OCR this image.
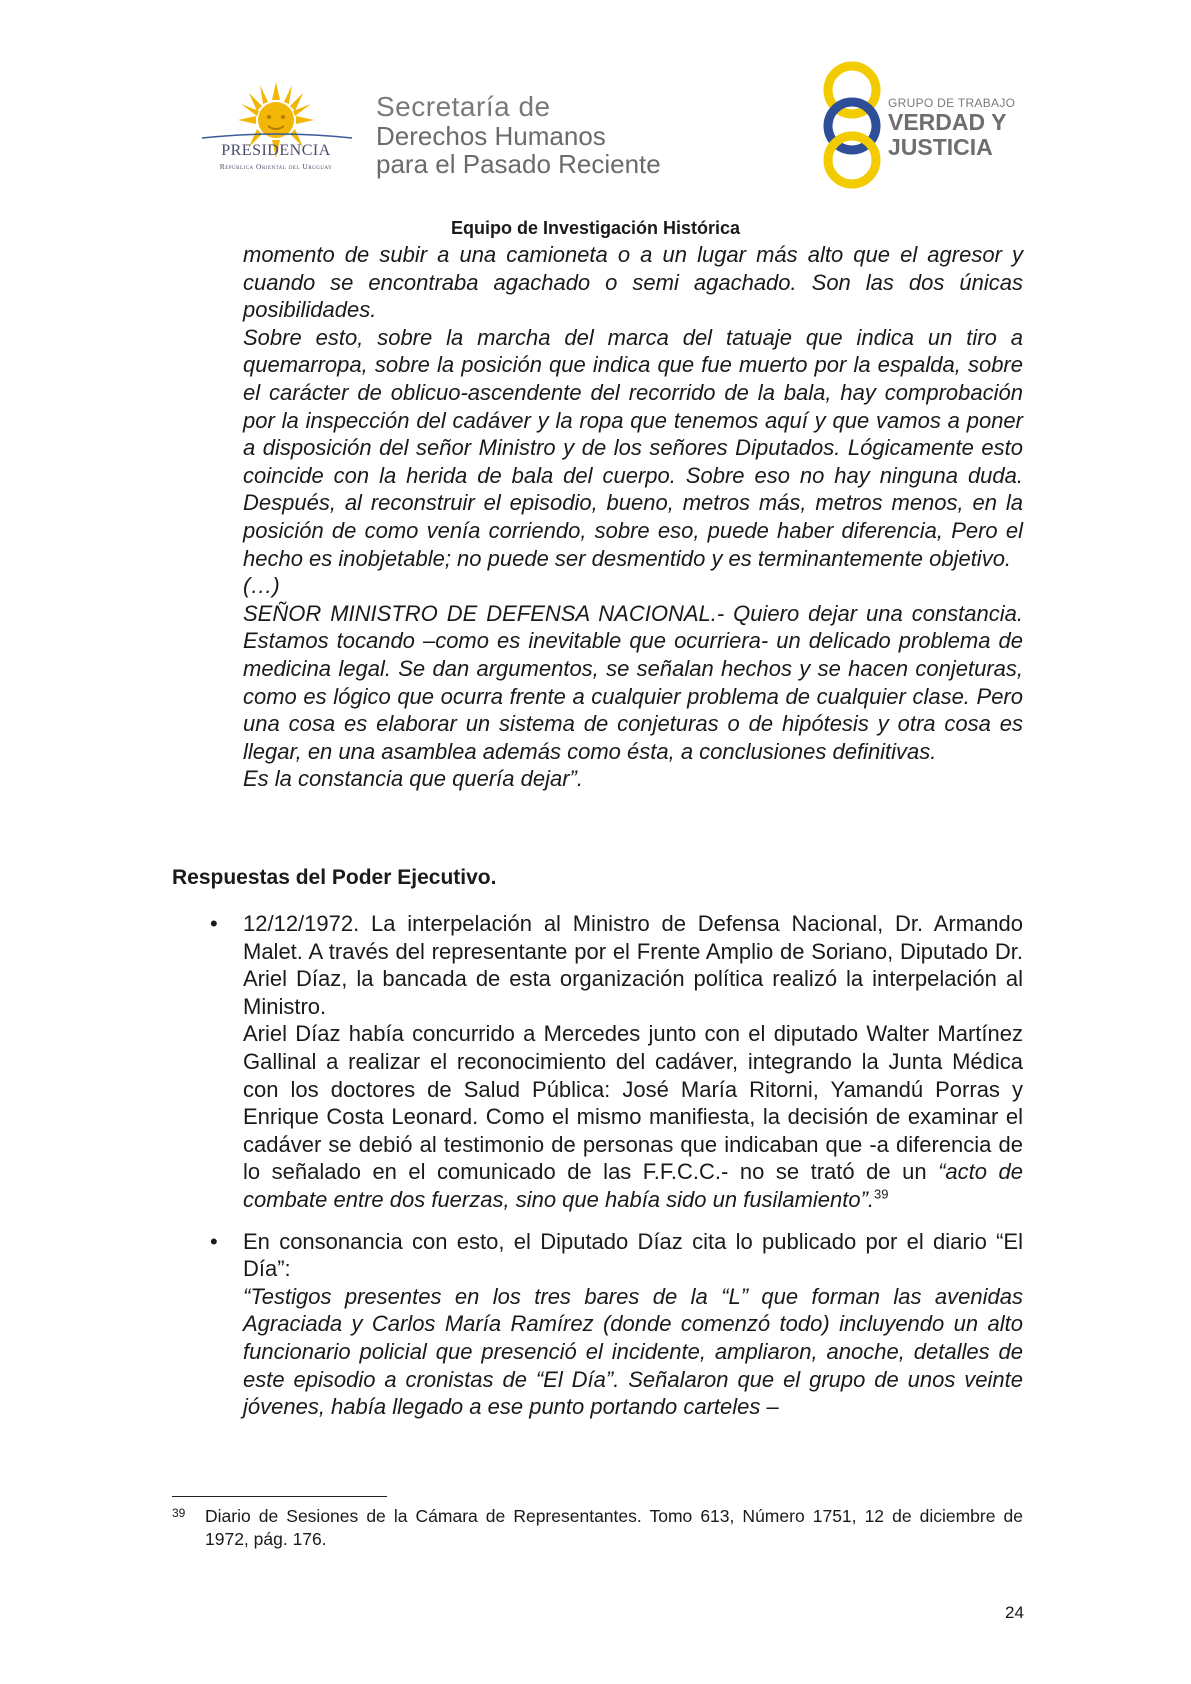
PRESIDENCIA
República Oriental del Uruguay
Secretaría de
Derechos Humanos
para el Pasado Reciente
GRUPO DE TRABAJO
VERDAD Y
JUSTICIA
Equipo de Investigación Histórica

momento de subir a una camioneta o a un lugar más alto que el agresor y cuando se encontraba agachado o semi agachado. Son las dos únicas posibilidades.

Sobre esto, sobre la marcha del marca del tatuaje que indica un tiro a quemarropa, sobre la posición que indica que fue muerto por la espalda, sobre el carácter de oblicuo-ascendente del recorrido de la bala, hay comprobación por la inspección del cadáver y la ropa que tenemos aquí y que vamos a poner a disposición del señor Ministro y de los señores Diputados. Lógicamente esto coincide con la herida de bala del cuerpo. Sobre eso no hay ninguna duda. Después, al reconstruir el episodio, bueno, metros más, metros menos, en la posición de como venía corriendo, sobre eso, puede haber diferencia, Pero el hecho es inobjetable; no puede ser desmentido y es terminantemente objetivo.

(…)

SEÑOR MINISTRO DE DEFENSA NACIONAL.- Quiero dejar una constancia. Estamos tocando –como es inevitable que ocurriera- un delicado problema de medicina legal. Se dan argumentos, se señalan hechos y se hacen conjeturas, como es lógico que ocurra frente a cualquier problema de cualquier clase. Pero una cosa es elaborar un sistema de conjeturas o de hipótesis y otra cosa es llegar, en una asamblea además como ésta, a conclusiones definitivas.

Es la constancia que quería dejar”.

Respuestas del Poder Ejecutivo.
• 12/12/1972. La interpelación al Ministro de Defensa Nacional, Dr. Armando Malet. A través del representante por el Frente Amplio de Soriano, Diputado Dr. Ariel Díaz, la bancada de esta organización política realizó la interpelación al Ministro.

Ariel Díaz había concurrido a Mercedes junto con el diputado Walter Martínez Gallinal a realizar el reconocimiento del cadáver, integrando la Junta Médica con los doctores de Salud Pública: José María Ritorni, Yamandú Porras y Enrique Costa Leonard. Como el mismo manifiesta, la decisión de examinar el cadáver se debió al testimonio de personas que indicaban que -a diferencia de lo señalado en el comunicado de las F.F.C.C.- no se trató de un “acto de combate entre dos fuerzas, sino que había sido un fusilamiento”.$^{39}$

• En consonancia con esto, el Diputado Díaz cita lo publicado por el diario “El Día”:

“Testigos presentes en los tres bares de la “L” que forman las avenidas Agraciada y Carlos María Ramírez (donde comenzó todo) incluyendo un alto funcionario policial que presenció el incidente, ampliaron, anoche, detalles de este episodio a cronistas de “El Día”. Señalaron que el grupo de unos veinte jóvenes, había llegado a ese punto portando carteles –

39 Diario de Sesiones de la Cámara de Representantes. Tomo 613, Número 1751, 12 de diciembre de 1972, pág. 176.
24
